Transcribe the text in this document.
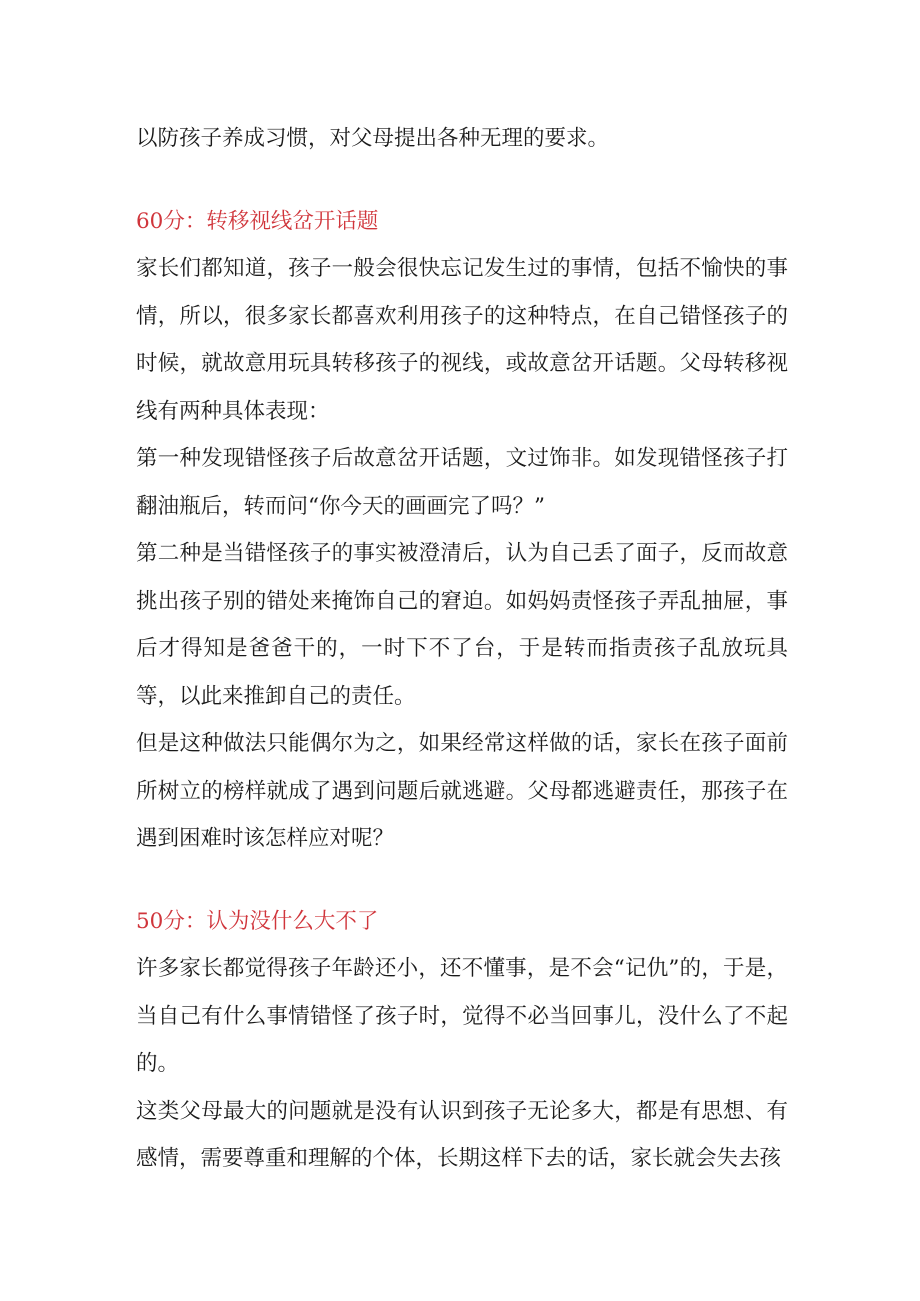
以防孩子养成习惯，对父母提出各种无理的要求。

60分：转移视线岔开话题

家长们都知道，孩子一般会很快忘记发生过的事情，包括不愉快的事情，所以，很多家长都喜欢利用孩子的这种特点，在自己错怪孩子的时候，就故意用玩具转移孩子的视线，或故意岔开话题。父母转移视线有两种具体表现：

第一种发现错怪孩子后故意岔开话题，文过饰非。如发现错怪孩子打翻油瓶后，转而问“你今天的画画完了吗？”

第二种是当错怪孩子的事实被澄清后，认为自己丢了面子，反而故意挑出孩子别的错处来掩饰自己的窘迫。如妈妈责怪孩子弄乱抽屉，事后才得知是爸爸干的，一时下不了台，于是转而指责孩子乱放玩具等，以此来推卸自己的责任。

但是这种做法只能偶尔为之，如果经常这样做的话，家长在孩子面前所树立的榜样就成了遇到问题后就逃避。父母都逃避责任，那孩子在遇到困难时该怎样应对呢？

50分：认为没什么大不了

许多家长都觉得孩子年龄还小，还不懂事，是不会“记仇”的，于是，当自己有什么事情错怪了孩子时，觉得不必当回事儿，没什么了不起的。

这类父母最大的问题就是没有认识到孩子无论多大，都是有思想、有感情，需要尊重和理解的个体，长期这样下去的话，家长就会失去孩
